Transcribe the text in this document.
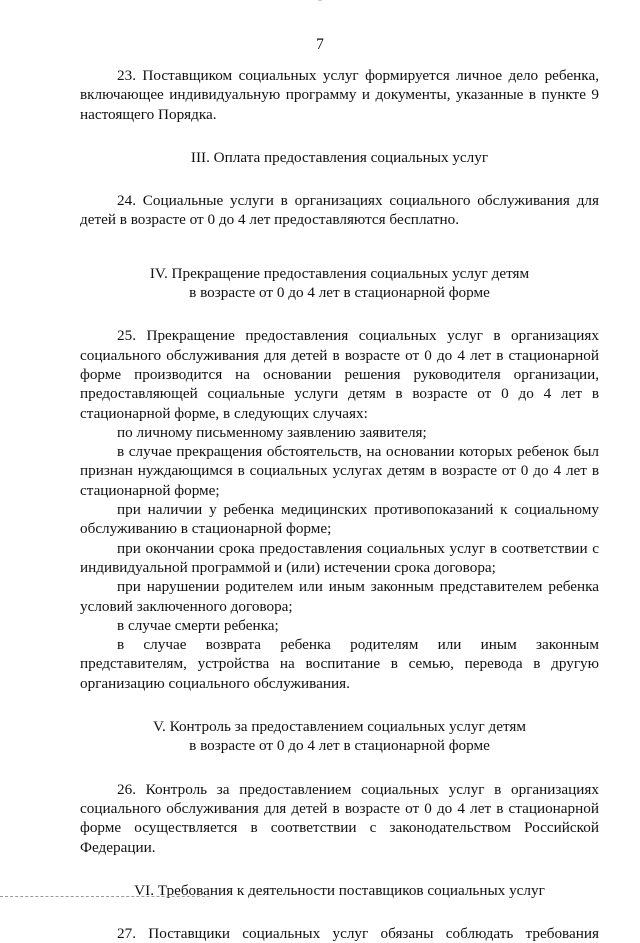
7

23. Поставщиком социальных услуг формируется личное дело ребенка, включающее индивидуальную программу и документы, указанные в пункте 9 настоящего Порядка.

III. Оплата предоставления социальных услуг

24. Социальные услуги в организациях социального обслуживания для детей в возрасте от 0 до 4 лет предоставляются бесплатно.

IV. Прекращение предоставления социальных услуг детям
в возрасте от 0 до 4 лет в стационарной форме

25. Прекращение предоставления социальных услуг в организациях социального обслуживания для детей в возрасте от 0 до 4 лет в стационарной форме производится на основании решения руководителя организации, предоставляющей социальные услуги детям в возрасте от 0 до 4 лет в стационарной форме, в следующих случаях:

по личному письменному заявлению заявителя;

в случае прекращения обстоятельств, на основании которых ребенок был признан нуждающимся в социальных услугах детям в возрасте от 0 до 4 лет в стационарной форме;

при наличии у ребенка медицинских противопоказаний к социальному обслуживанию в стационарной форме;

при окончании срока предоставления социальных услуг в соответствии с индивидуальной программой и (или) истечении срока договора;

при нарушении родителем или иным законным представителем ребенка условий заключенного договора;

в случае смерти ребенка;

в случае возврата ребенка родителям или иным законным представителям, устройства на воспитание в семью, перевода в другую организацию социального обслуживания.

V. Контроль за предоставлением социальных услуг детям
в возрасте от 0 до 4 лет в стационарной форме

26. Контроль за предоставлением социальных услуг в организациях социального обслуживания для детей в возрасте от 0 до 4 лет в стационарной форме осуществляется в соответствии с законодательством Российской Федерации.

VI. Требования к деятельности поставщиков социальных услуг

27. Поставщики социальных услуг обязаны соблюдать требования
